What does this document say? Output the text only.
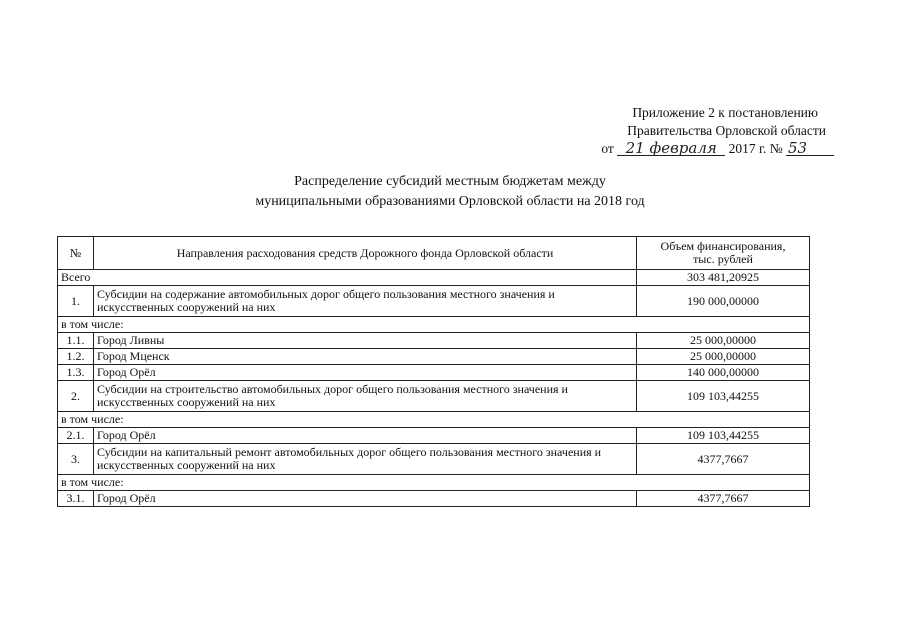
Приложение 2 к постановлению
Правительства Орловской области
от 21 февраля 2017 г. № 53
Распределение субсидий местным бюджетам между
муниципальными образованиями Орловской области на 2018 год
№	Направления расходования средств Дорожного фонда Орловской области	Объем финансирования,
тыс. рублей
Всего		303 481,20925
1.	Субсидии на содержание автомобильных дорог общего пользования местного значения и искусственных сооружений на них	190 000,00000
в том числе:		
1.1.	Город Ливны	25 000,00000
1.2.	Город Мценск	25 000,00000
1.3.	Город Орёл	140 000,00000
2.	Субсидии на строительство автомобильных дорог общего пользования местного значения и искусственных сооружений на них	109 103,44255
в том числе:		
2.1.	Город Орёл	109 103,44255
3.	Субсидии на капитальный ремонт автомобильных дорог общего пользования местного значения и искусственных сооружений на них	4377,7667
в том числе:		
3.1.	Город Орёл	4377,7667
